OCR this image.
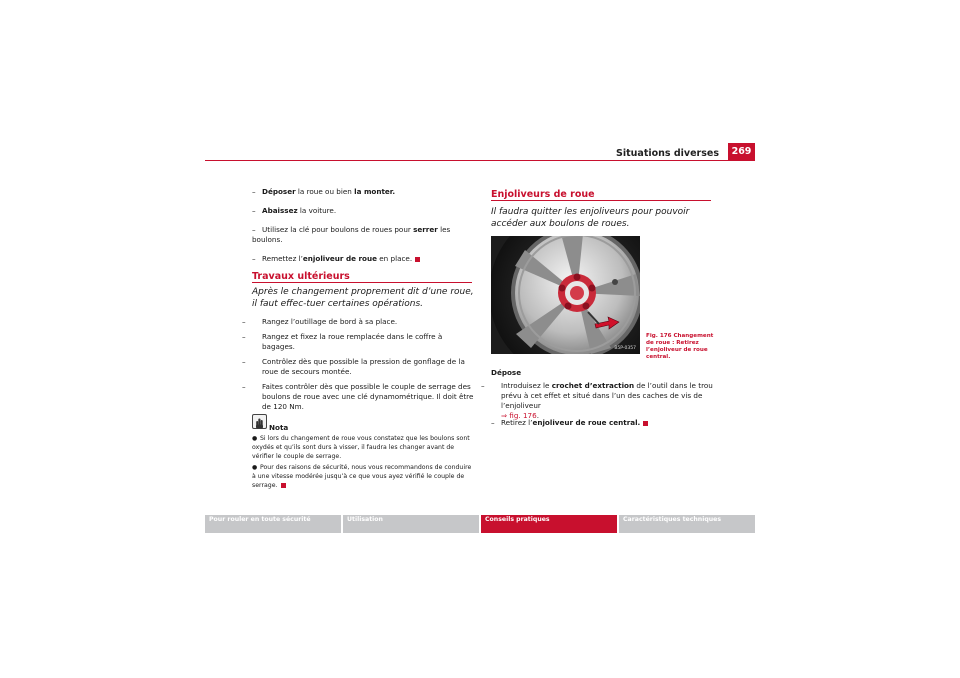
Situations diverses	269
– Déposer la roue ou bien la monter.
– Abaissez la voiture.
– Utilisez la clé pour boulons de roues pour serrer les boulons.
– Remettez l’enjoliveur de roue en place.
Travaux ultérieurs
Après le changement proprement dit d’une roue, il faut effec-tuer certaines opérations.
– Rangez l’outillage de bord à sa place.
– Rangez et fixez la roue remplacée dans le coffre à bagages.
– Contrôlez dès que possible la pression de gonflage de la roue de secours montée.
– Faites contrôler dès que possible le couple de serrage des boulons de roue avec une clé dynamométrique. Il doit être de 120 Nm.
Nota
● Si lors du changement de roue vous constatez que les boulons sont oxydés et qu’ils sont durs à visser, il faudra les changer avant de vérifier le couple de serrage.
● Pour des raisons de sécurité, nous vous recommandons de conduire à une vitesse modérée jusqu’à ce que vous ayez vérifié le couple de serrage.
Enjoliveurs de roue
Il faudra quitter les enjoliveurs pour pouvoir accéder aux boulons de roues.
B5P-0357
Fig. 176 Changement de roue : Retirez l’enjoliveur de roue central.
Dépose
– Introduisez le crochet d’extraction de l’outil dans le trou prévu à cet effet et situé dans l’un des caches de vis de l’enjoliveur
⇒ fig. 176.
– Retirez l’enjoliveur de roue central.
Pour rouler en toute sécurité	Utilisation	Conseils pratiques	Caractéristiques techniques
